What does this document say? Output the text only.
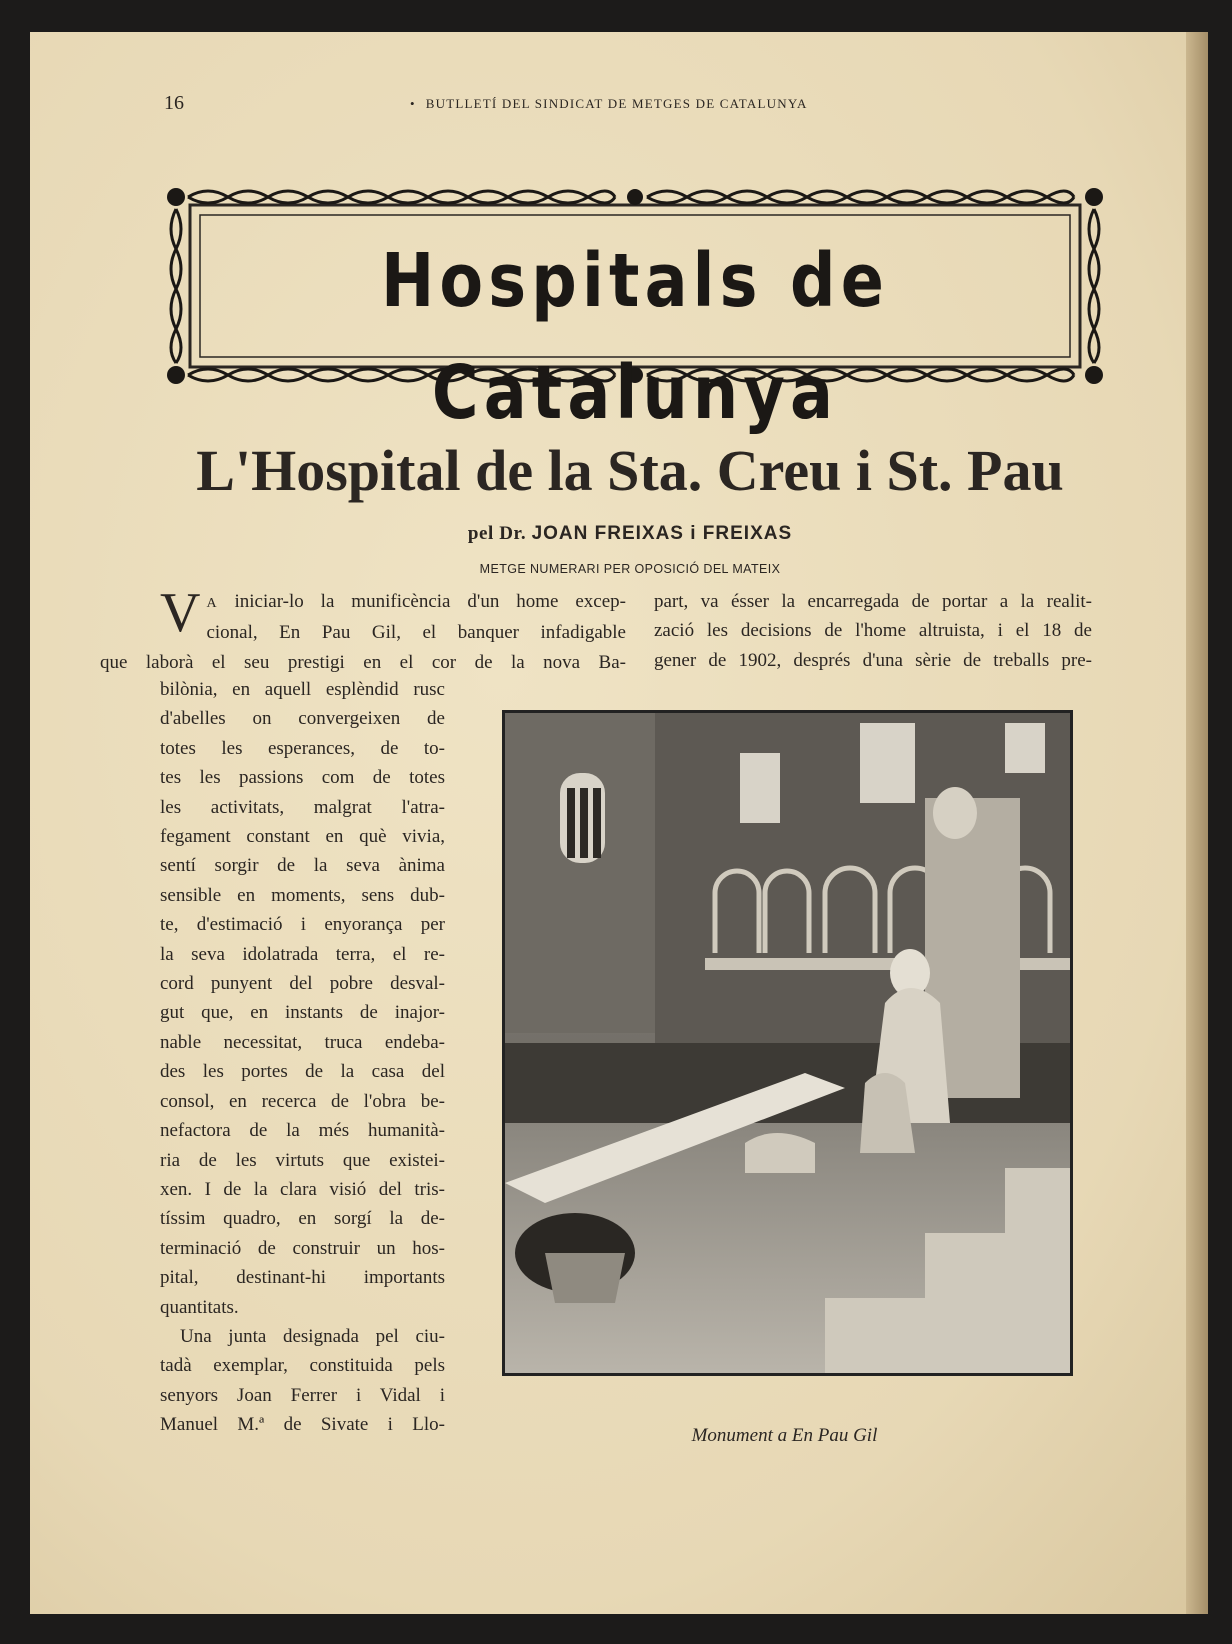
16	• BUTLLETÍ DEL SINDICAT DE METGES DE CATALUNYA
Hospitals de Catalunya
L'Hospital de la Sta. Creu i St. Pau
pel Dr. JOAN FREIXAS i FREIXAS
METGE NUMERARI PER OPOSICIÓ DEL MATEIX
V A iniciar-lo la munificència d'un home excep-

cional, En Pau Gil, el banquer infadigable

que laborà el seu prestigi en el cor de la nova Ba-

bilònia, en aquell esplèndid rusc

d'abelles on convergeixen de

totes les esperances, de to-

tes les passions com de totes

les activitats, malgrat l'atra-

fegament constant en què vivia,

sentí sorgir de la seva ànima

sensible en moments, sens dub-

te, d'estimació i enyorança per

la seva idolatrada terra, el re-

cord punyent del pobre desval-

gut que, en instants de inajor-

nable necessitat, truca endeba-

des les portes de la casa del

consol, en recerca de l'obra be-

nefactora de la més humanità-

ria de les virtuts que existei-

xen. I de la clara visió del tris-

tíssim quadro, en sorgí la de-

terminació de construir un hos-

pital, destinant-hi importants

quantitats.

Una junta designada pel ciu-

tadà exemplar, constituida pels

senyors Joan Ferrer i Vidal i

Manuel M.ª de Sivate i Llo-

part, va ésser la encarregada de portar a la realit-

zació les decisions de l'home altruista, i el 18 de

gener de 1902, després d'una sèrie de treballs pre-

Monument a En Pau Gil
